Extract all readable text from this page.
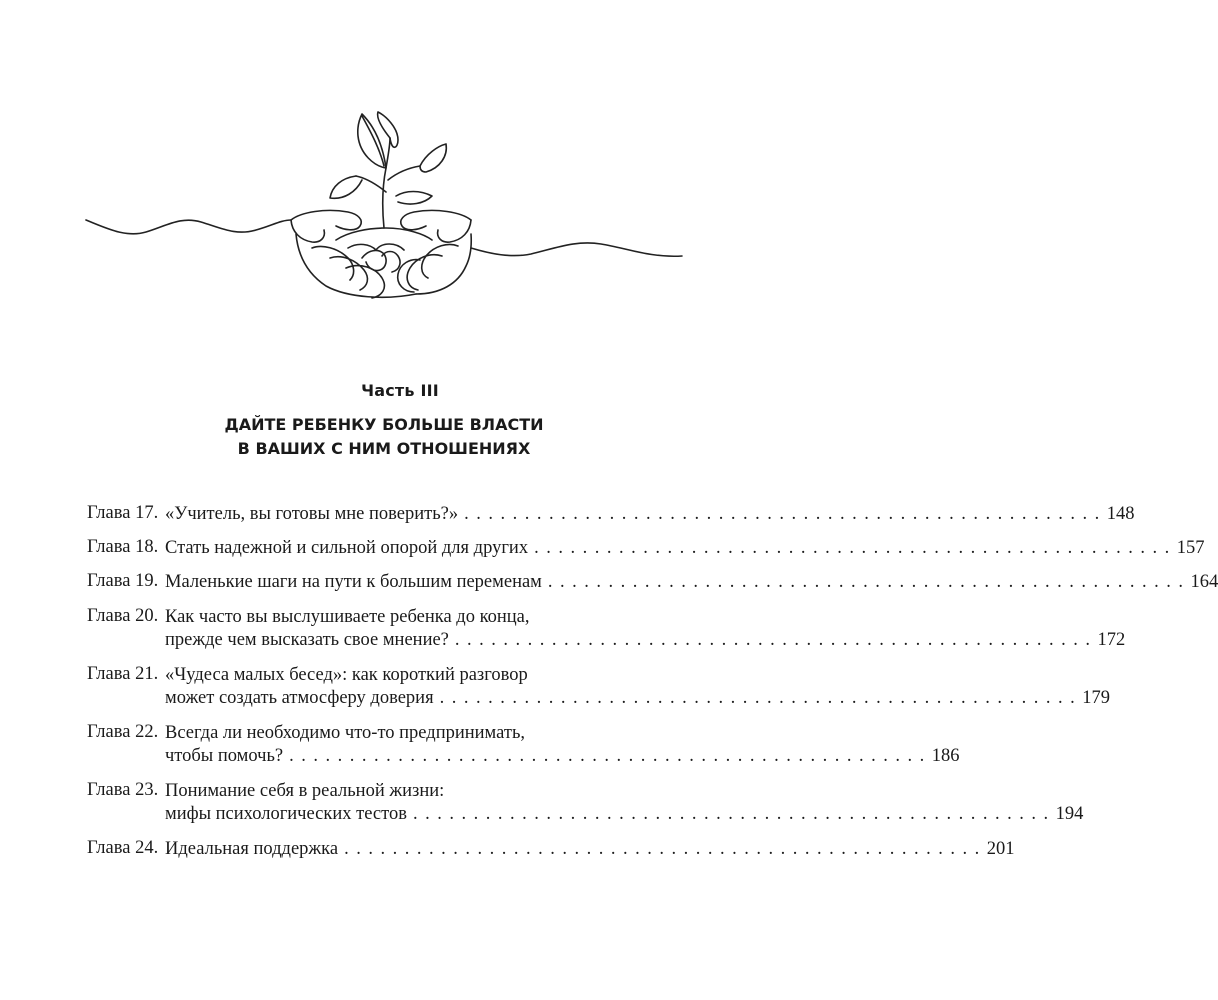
Часть III
ДАЙТЕ РЕБЕНКУ БОЛЬШЕ ВЛАСТИ
В ВАШИХ С НИМ ОТНОШЕНИЯХ
Глава 17. «Учитель, вы готовы мне поверить?» ..................................................... 148
Глава 18. Стать надежной и сильной опорой для других ..................................................... 157
Глава 19. Маленькие шаги на пути к большим переменам ..................................................... 164
Глава 20. Как часто вы выслушиваете ребенка до конца,
прежде чем высказать свое мнение? ..................................................... 172
Глава 21. «Чудеса малых бесед»: как короткий разговор
может создать атмосферу доверия ..................................................... 179
Глава 22. Всегда ли необходимо что-то предпринимать,
чтобы помочь? ..................................................... 186
Глава 23. Понимание себя в реальной жизни:
мифы психологических тестов ..................................................... 194
Глава 24. Идеальная поддержка ..................................................... 201
